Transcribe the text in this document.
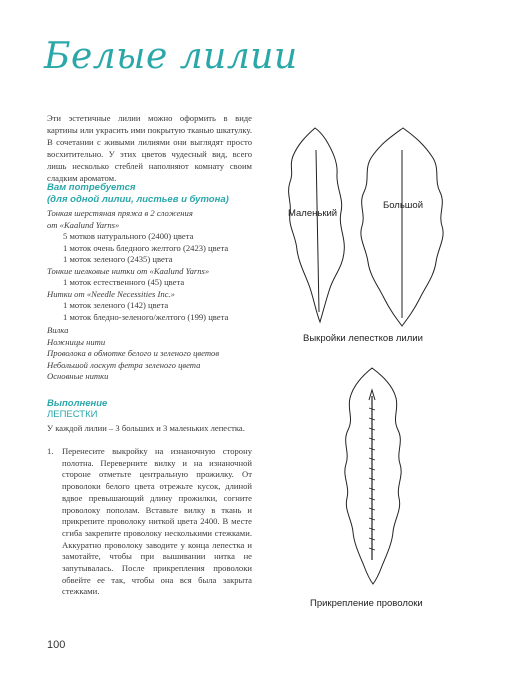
Белые лилии
Эти эстетичные лилии можно оформить в виде картины или украсить ими покрытую тканью шкатулку. В сочетании с живыми лилиями они выглядят просто восхитительно. У этих цветов чудесный вид, всего лишь несколько стеблей наполняют комнату своим сладким ароматом.
Вам потребуется
(для одной лилии, листьев и бутона)
Тонкая шерстяная пряжа в 2 сложения
от «Kaalund Yarns»
5 мотков натурального (2400) цвета
1 моток очень бледного желтого (2423) цвета
1 моток зеленого (2435) цвета
Тонкие шелковые нитки от «Kaalund Yarns»
1 моток естественного (45) цвета
Нитки от «Needle Necessities Inc.»
1 моток зеленого (142) цвета
1 моток бледно-зеленого/желтого (199) цвета
Вилка
Ножницы нити
Проволока в обмотке белого и зеленого цветов
Небольшой лоскут фетра зеленого цвета
Основные нитки
Выполнение
ЛЕПЕСТКИ
У каждой лилии – 3 больших и 3 маленьких лепестка.
1. Перенесите выкройку на изнаночную сторону полотна. Переверните вилку и на изнаночной стороне отметьте центральную прожилку. От проволоки белого цвета отрежьте кусок, длиной вдвое превышающий длину прожилки, согните проволоку пополам. Вставьте вилку в ткань и прикрепите проволоку ниткой цвета 2400. В месте сгиба закрепите проволоку несколькими стежками. Аккуратно проволоку заводите у конца лепестка и замотайте, чтобы при вышивании нитка не запутывалась. После прикрепления проволоки обвейте ее так, чтобы она вся была закрыта стежками.
Маленький
Большой
Выкройки лепестков лилии
Прикрепление проволоки
100
